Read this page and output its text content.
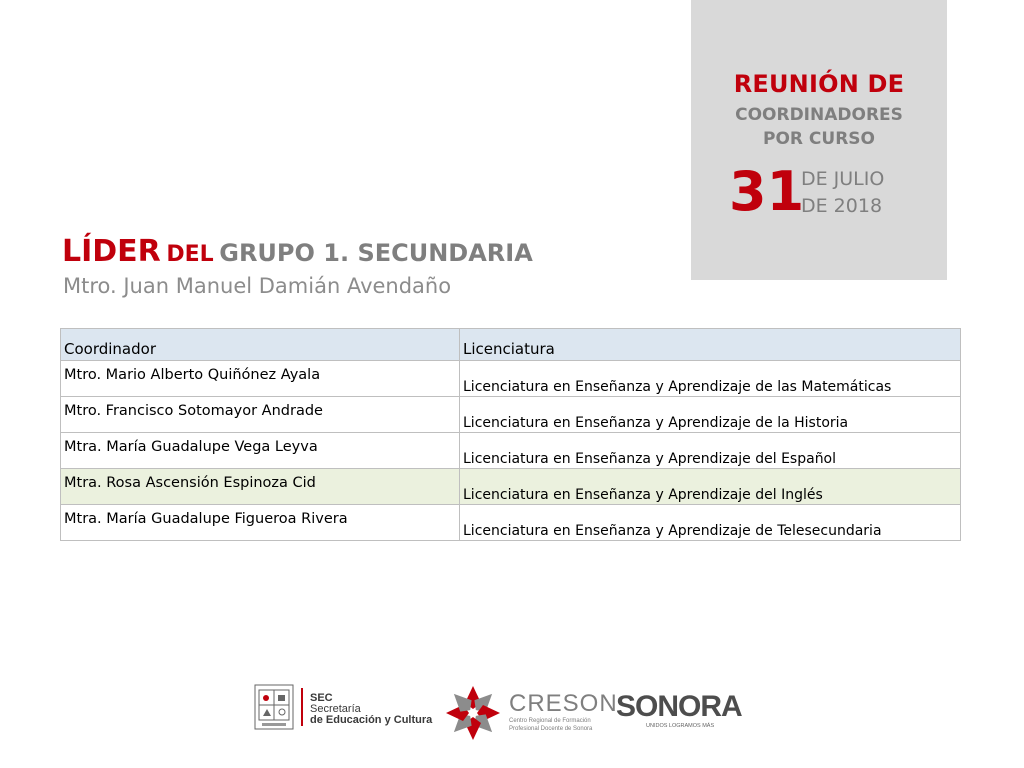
REUNIÓN DE
COORDINADORES
POR CURSO
31
DE JULIO
DE 2018
LÍDER DEL GRUPO 1. SECUNDARIA
Mtro. Juan Manuel Damián Avendaño
Coordinador	Licenciatura
Mtro. Mario Alberto Quiñónez Ayala	Licenciatura en Enseñanza y Aprendizaje de las Matemáticas
Mtro. Francisco Sotomayor Andrade	Licenciatura en Enseñanza y Aprendizaje de la Historia
Mtra. María Guadalupe Vega Leyva	Licenciatura en Enseñanza y Aprendizaje del Español
Mtra. Rosa Ascensión Espinoza Cid	Licenciatura en Enseñanza y Aprendizaje del Inglés
Mtra. María Guadalupe Figueroa Rivera	Licenciatura en Enseñanza y Aprendizaje de Telesecundaria
SEC
Secretaría
de Educación y Cultura
CRESON
Centro Regional de Formación
Profesional Docente de Sonora
SONORA
UNIDOS LOGRAMOS MÁS
